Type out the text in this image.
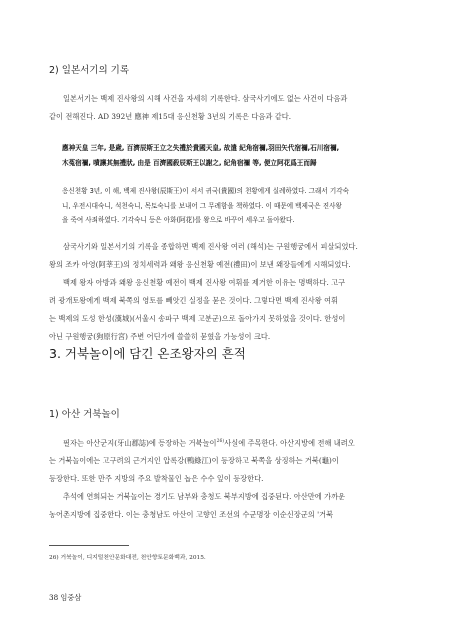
2) 일본서기의 기록
일본서기는 백제 진사왕의 시해 사건을 자세히 기록한다. 삼국사기에도 없는 사건이 다음과
같이 전해진다. AD 392년 應神 제15대 응신천황 3년의 기록은 다음과 같다.
應神天皇 三年, 是歲, 百濟辰斯王立之失禮於貴國天皇, 故遣 紀角宿禰,羽田矢代宿禰,石川宿禰,
木菟宿禰, 嘖讓其無禮狀, 由是 百濟國殺辰斯王以謝之, 紀角宿禰 等, 便立阿花爲王而歸
응신천황 3년, 이 해, 백제 진사왕(辰斯王)이 서서 귀국(貴國)의 천황에게 실례하였다. 그래서 기각숙
니, 우전시대숙니, 석천숙니, 목토숙니를 보내어 그 무례함을 책하였다. 이 때문에 백제국은 진사왕
을 죽여 사죄하였다. 기각숙니 등은 아화(阿花)를 왕으로 바꾸어 세우고 돌아왔다.
삼국사기와 일본서기의 기록을 종합하면 백제 진사왕 여러 (해석)는 구원행궁에서 피살되었다.
왕의 조카 아영(阿莘王)의 정치세력과 왜왕 응신천황 예전(禮田)이 보낸 왜장들에게 시해되었다.
백제 왕자 아방과 왜왕 응신천황 예전이 백제 진사왕 여휘를 제거한 이유는 명백하다. 고구
려 광개토왕에게 백제 북쪽의 영토를 빼앗긴 실정을 묻은 것이다. 그렇다면 백제 진사왕 여휘
는 백제의 도성 한성(漢城)(서울시 송파구 백제 고분군)으로 돌아가지 못하였을 것이다. 한성이
아닌 구원행궁(狗原行宮) 주변 어딘가에 쓸쓸히 묻혔을 가능성이 크다.
3. 거북놀이에 담긴 온조왕자의 흔적
1) 아산 거북놀이
필자는 아산군지(牙山郡誌)에 등장하는 거북놀이$^{26)}$사실에 주목한다. 아산지방에 전해 내려오
는 거북놀이에는 고구려의 근거지인 압록강(鴨綠江)이 등장하고 북쪽을 상징하는 거북(龜)이
등장한다. 또한 만주 지방의 주요 발착물인 놉은 수수 잎이 등장한다.
추석에 연희되는 거북놀이는 경기도 남부와 충청도 북부지방에 집중된다. 아산만에 가까운
농어촌지방에 집중한다. 이는 충청남도 아산이 고향인 조선의 수군명장 이순신장군의 '거북
26) 거북놀이, 디지털천안문화대전, 천안향토문화백과, 2015.
38 임중삼
